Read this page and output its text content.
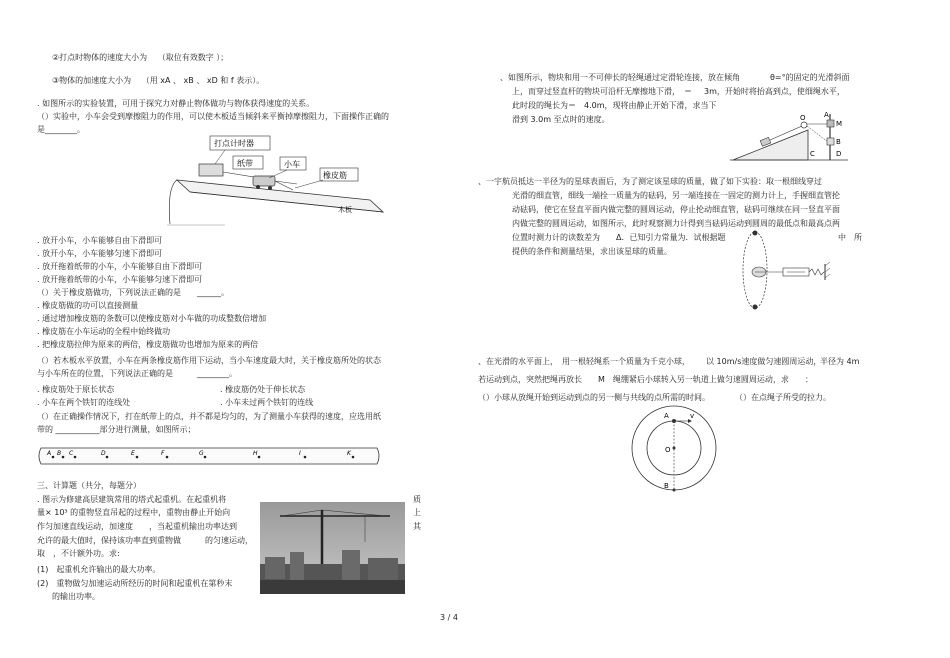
②打点时物体的速度大小为　 （取位有效数字 ）；
③物体的加速度大小为　 （用 xA 、 xB 、 xD 和 f 表示）。
. 如图所示的实验装置，可用于探究力对静止物体做功与物体获得速度的关系。
（）实验中，小车会受到摩擦阻力的作用，可以使木板适当倾斜来平衡掉摩擦阻力，下面操作正确的
是________。
打点计时器
纸带	小车
橡皮筋
木板
. 放开小车，小车能够自由下滑即可
. 放开小车，小车能够匀速下滑即可
. 放开拖着纸带的小车，小车能够自由下滑即可
. 放开拖着纸带的小车，小车能够匀速下滑即可
（）关于橡皮筋做功，下列说法正确的是　　______。
. 橡皮筋做的功可以直接测量
. 通过增加橡皮筋的条数可以使橡皮筋对小车做的功成整数倍增加
. 橡皮筋在小车运动的全程中始终做功
. 把橡皮筋拉伸为原来的两倍，橡皮筋做功也增加为原来的两倍
（）若木板水平放置，小车在两条橡皮筋作用下运动，当小车速度最大时，关于橡皮筋所处的状态
与小车所在的位置，下列说法正确的是　　　________。
. 橡皮筋处于原长状态	. 橡皮筋仍处于伸长状态
. 小车在两个铁钉的连线处	. 小车未过两个铁钉的连线
（）在正确操作情况下，打在纸带上的点，并不都是均匀的，为了测量小车获得的速度，应选用纸
带的 ___________部分进行测量，如图所示；
A B C	D	E	F	G	H	I	K
三、计算题（共分，每题分）
. 图示为修建高层建筑常用的塔式起重机。在起重机将
量× 10³ 的重物竖直吊起的过程中，重物由静止开始向
作匀加速直线运动，加速度　　，当起重机输出功率达到
允许的最大值时，保持该功率直到重物做　　　的匀速运动，
取　，不计额外功。求:
(1)　起重机允许输出的最大功率。
(2)　重物做匀加速运动所经历的时间和起重机在第秒末
的输出功率。
质
上
其
、如图所示，物块和用一不可伸长的轻绳通过定滑轮连接，放在倾角	θ=°的固定的光滑斜面
上，而穿过竖直杆的物块可沿杆无摩擦地下滑，　＝ 3m，开始时将抬高到点，使细绳水平，
此时段的绳长为＝　4.0m，现将由静止开始下滑，求当下
滑到 3.0m 至点时的速度。	O	A
M
B
C	D
、一宇航员抵达一半径为的星球表面后，为了测定该星球的质量，做了如下实验：取一根细线穿过
光滑的细直管，细线一端拴一质量为的砝码，另一端连接在一固定的测力计上，手握细直管抡
动砝码，使它在竖直平面内做完整的圆周运动，停止抡动细直管，砝码可继续在同一竖直平面
内做完整的圆周运动，如图所示，此时观察测力计得到当砝码运动到圆周的最低点和最高点两
位置时测力计的读数差为　　Δ．已知引力常量为．试根据题	中　所
提供的条件和测量结果，求出该星球的质量。
、在光滑的水平面上，　用一根轻绳系一个质量为千克小球， 以 10m/s速度做匀速圆周运动，
半径为 4m
若运动到点，突然把绳再放长　　M　绳绷紧后小球转入另一轨道上做匀速圆周运动，求 ：
（）小球从放绳开始到运动到点的另一侧与共线的点所需的时间。	（）在点绳子所受的拉力。
A	v
O
B
3 / 4
